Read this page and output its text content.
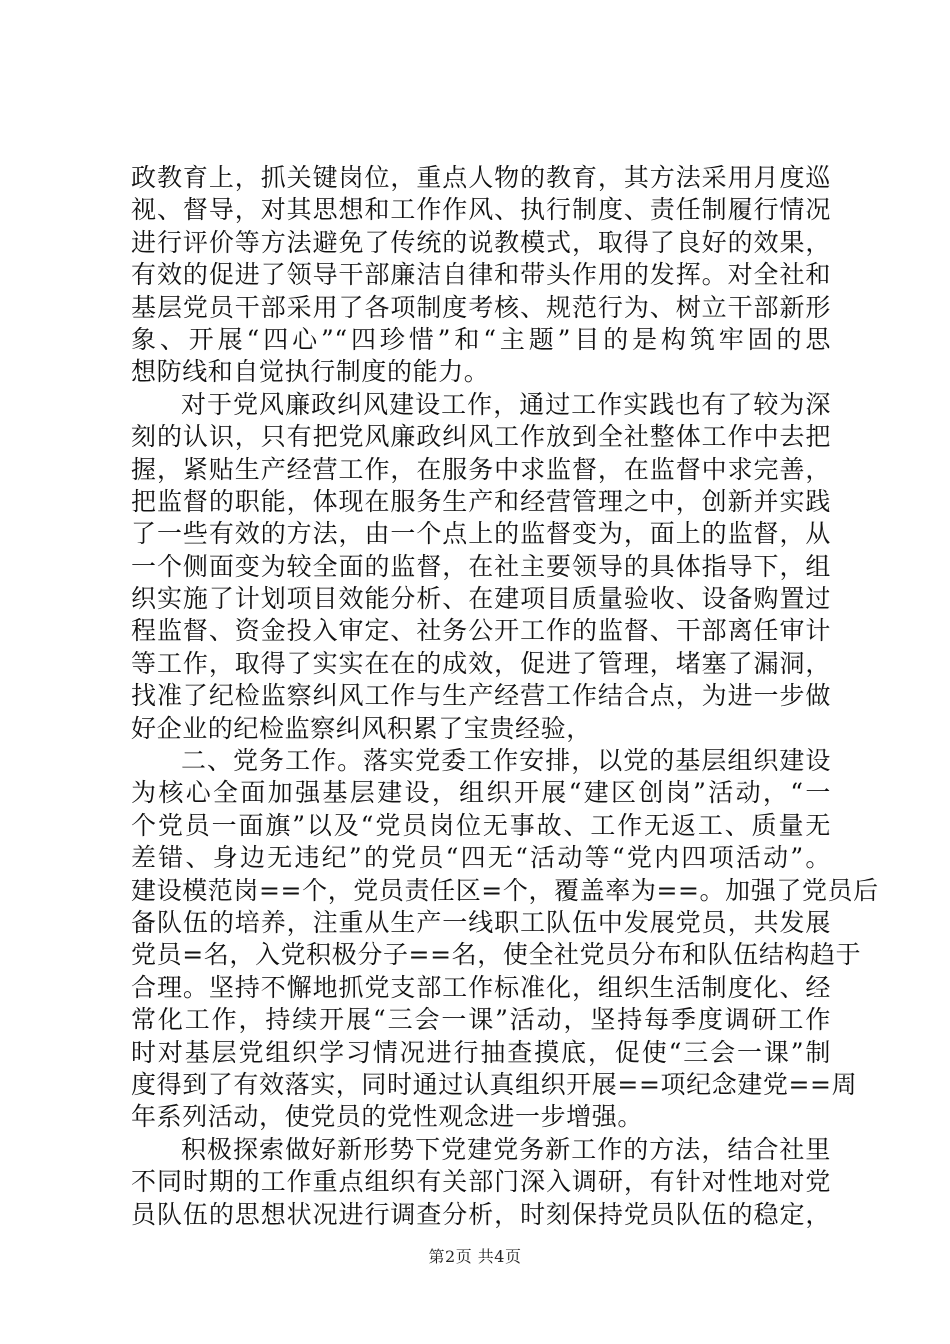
政教育上，抓关键岗位，重点人物的教育，其方法采用月度巡
视、督导，对其思想和工作作风、执行制度、责任制履行情况
进行评价等方法避免了传统的说教模式，取得了良好的效果，
有效的促进了领导干部廉洁自律和带头作用的发挥。对全社和
基层党员干部采用了各项制度考核、规范行为、树立干部新形
象、开展“四心”“四珍惜”和“主题”目的是构筑牢固的思
想防线和自觉执行制度的能力。
对于党风廉政纠风建设工作，通过工作实践也有了较为深
刻的认识，只有把党风廉政纠风工作放到全社整体工作中去把
握，紧贴生产经营工作，在服务中求监督，在监督中求完善，
把监督的职能，体现在服务生产和经营管理之中，创新并实践
了一些有效的方法，由一个点上的监督变为，面上的监督，从
一个侧面变为较全面的监督，在社主要领导的具体指导下，组
织实施了计划项目效能分析、在建项目质量验收、设备购置过
程监督、资金投入审定、社务公开工作的监督、干部离任审计
等工作，取得了实实在在的成效，促进了管理，堵塞了漏洞，
找准了纪检监察纠风工作与生产经营工作结合点，为进一步做
好企业的纪检监察纠风积累了宝贵经验，
二、党务工作。落实党委工作安排，以党的基层组织建设
为核心全面加强基层建设，组织开展“建区创岗”活动，“一
个党员一面旗”以及“党员岗位无事故、工作无返工、质量无
差错、身边无违纪”的党员“四无“活动等“党内四项活动”。
建设模范岗==个，党员责任区=个，覆盖率为==。加强了党员后
备队伍的培养，注重从生产一线职工队伍中发展党员，共发展
党员=名，入党积极分子==名，使全社党员分布和队伍结构趋于
合理。坚持不懈地抓党支部工作标准化，组织生活制度化、经
常化工作，持续开展“三会一课”活动，坚持每季度调研工作
时对基层党组织学习情况进行抽查摸底，促使“三会一课”制
度得到了有效落实，同时通过认真组织开展==项纪念建党==周
年系列活动，使党员的党性观念进一步增强。
积极探索做好新形势下党建党务新工作的方法，结合社里
不同时期的工作重点组织有关部门深入调研，有针对性地对党
员队伍的思想状况进行调查分析，时刻保持党员队伍的稳定，
第2页 共4页
